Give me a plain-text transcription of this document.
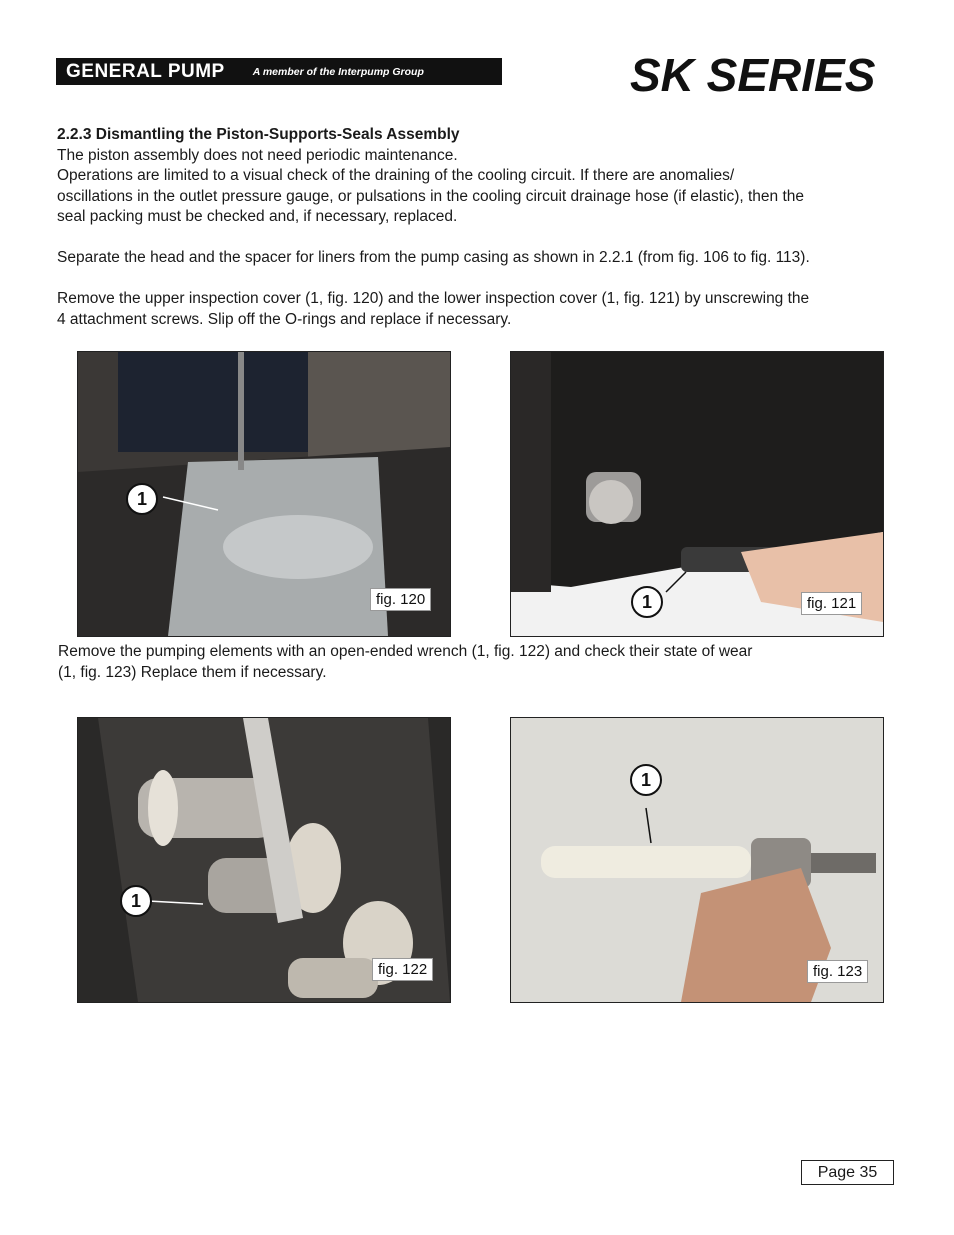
GENERAL PUMP	A member of the Interpump Group	SK SERIES
2.2.3 Dismantling the Piston-Supports-Seals Assembly
The piston assembly does not need periodic maintenance.
Operations are limited to a visual check of the draining of the cooling circuit. If there are anomalies/
oscillations in the outlet pressure gauge, or pulsations in the cooling circuit drainage hose (if elastic), then the
seal packing must be checked and, if necessary, replaced.
Separate the head and the spacer for liners from the pump casing as shown in 2.2.1 (from fig. 106 to fig. 113).
Remove the upper inspection cover (1, fig. 120) and the lower inspection cover (1, fig. 121) by unscrewing the
4 attachment screws. Slip off the O-rings and replace if necessary.
1
fig. 120	1	fig. 121
Remove the pumping elements with an open-ended wrench (1, fig. 122) and check their state of wear
(1, fig. 123) Replace them if necessary.
1
fig. 122
1
fig. 123
Page 35
